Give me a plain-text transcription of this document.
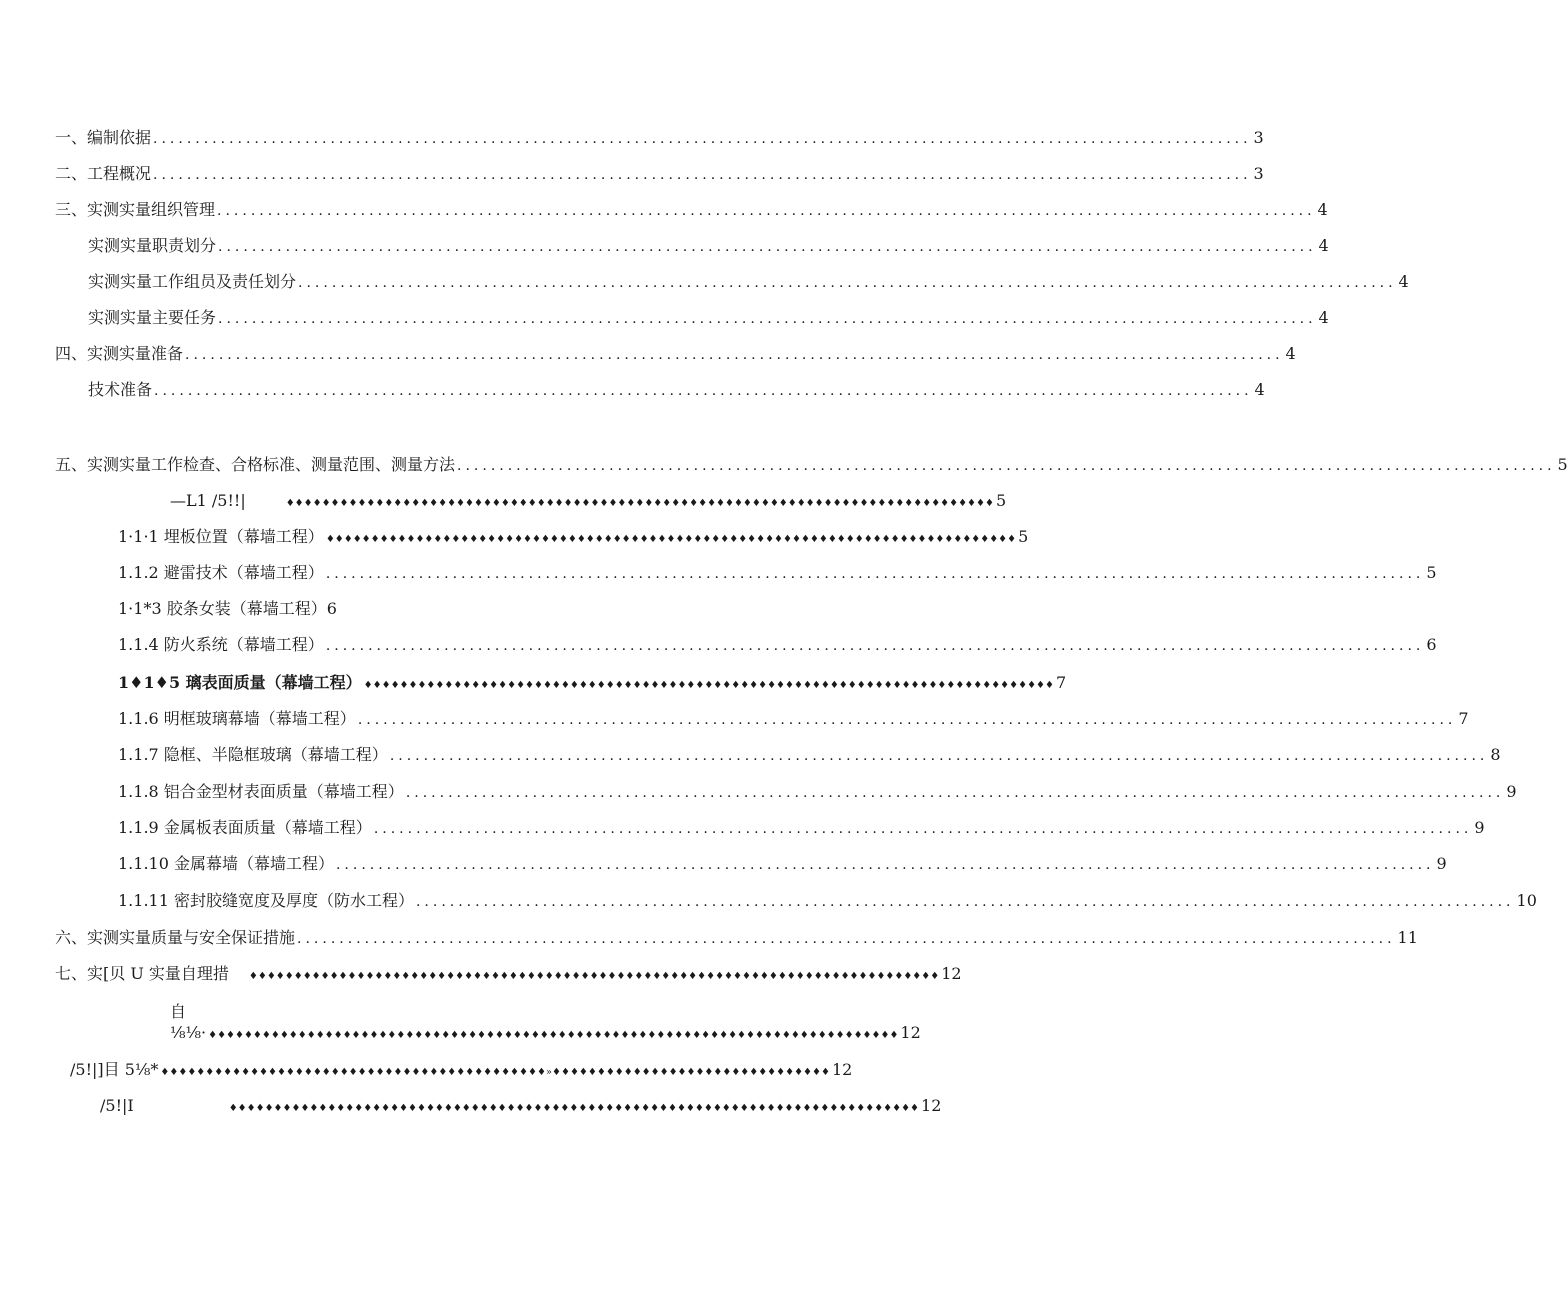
一、编制依据 .................................................................................................................................. 3
二、工程概况 .................................................................................................................................. 3
三、实测实量组织管理 .................................................................................................................................. 4
实测实量职责划分 .................................................................................................................................. 4
实测实量工作组员及责任划分 .................................................................................................................................. 4
实测实量主要任务 .................................................................................................................................. 4
四、实测实量准备 .................................................................................................................................. 4
技术准备 .................................................................................................................................. 4
五、实测实量工作检查、合格标准、测量范围、测量方法 .................................................................................................................................. 5
—L1 /5!!|	♦♦♦♦♦♦♦♦♦♦♦♦♦♦♦♦♦♦♦♦♦♦♦♦♦♦♦♦♦♦♦♦♦♦♦♦♦♦♦♦♦♦♦♦♦♦♦♦♦♦♦♦♦♦♦♦♦♦♦♦♦♦♦♦♦♦♦♦♦♦♦♦♦♦♦♦♦♦♦ 5
1·1·1 埋板位置（幕墙工程） ♦♦♦♦♦♦♦♦♦♦♦♦♦♦♦♦♦♦♦♦♦♦♦♦♦♦♦♦♦♦♦♦♦♦♦♦♦♦♦♦♦♦♦♦♦♦♦♦♦♦♦♦♦♦♦♦♦♦♦♦♦♦♦♦♦♦♦♦♦♦♦♦♦♦♦♦♦ 5
1.1.2 避雷技术（幕墙工程） .................................................................................................................................. 5
1·1*3 胶条女装（幕墙工程）6
1.1.4 防火系统（幕墙工程） .................................................................................................................................. 6
1♦1♦5 璃表面质量（幕墙工程） ♦♦♦♦♦♦♦♦♦♦♦♦♦♦♦♦♦♦♦♦♦♦♦♦♦♦♦♦♦♦♦♦♦♦♦♦♦♦♦♦♦♦♦♦♦♦♦♦♦♦♦♦♦♦♦♦♦♦♦♦♦♦♦♦♦♦♦♦♦♦♦♦♦♦♦♦♦ 7
1.1.6 明框玻璃幕墙（幕墙工程） .................................................................................................................................. 7
1.1.7 隐框、半隐框玻璃（幕墙工程） .................................................................................................................................. 8
1.1.8 铝合金型材表面质量（幕墙工程） .................................................................................................................................. 9
1.1.9 金属板表面质量（幕墙工程） .................................................................................................................................. 9
1.1.10 金属幕墙（幕墙工程） .................................................................................................................................. 9
1.1.11 密封胶缝宽度及厚度（防水工程） .................................................................................................................................. 10
六、实测实量质量与安全保证措施 .................................................................................................................................. 11
七、实[贝 U 实量自理措 ♦♦♦♦♦♦♦♦♦♦♦♦♦♦♦♦♦♦♦♦♦♦♦♦♦♦♦♦♦♦♦♦♦♦♦♦♦♦♦♦♦♦♦♦♦♦♦♦♦♦♦♦♦♦♦♦♦♦♦♦♦♦♦♦♦♦♦♦♦♦♦♦♦♦♦♦♦ 12
自
⅛⅛· ♦♦♦♦♦♦♦♦♦♦♦♦♦♦♦♦♦♦♦♦♦♦♦♦♦♦♦♦♦♦♦♦♦♦♦♦♦♦♦♦♦♦♦♦♦♦♦♦♦♦♦♦♦♦♦♦♦♦♦♦♦♦♦♦♦♦♦♦♦♦♦♦♦♦♦♦♦ 12
/5!|]目 5⅛* ♦♦♦♦♦♦♦♦♦♦♦♦♦♦♦♦♦♦♦♦♦♦♦♦♦♦♦♦♦♦♦♦♦♦♦♦♦♦♦♦♦♦♦»♦♦♦♦♦♦♦♦♦♦♦♦♦♦♦♦♦♦♦♦♦♦♦♦♦♦♦♦♦♦♦ 12
/5!|I	♦♦♦♦♦♦♦♦♦♦♦♦♦♦♦♦♦♦♦♦♦♦♦♦♦♦♦♦♦♦♦♦♦♦♦♦♦♦♦♦♦♦♦♦♦♦♦♦♦♦♦♦♦♦♦♦♦♦♦♦♦♦♦♦♦♦♦♦♦♦♦♦♦♦♦♦♦ 12
